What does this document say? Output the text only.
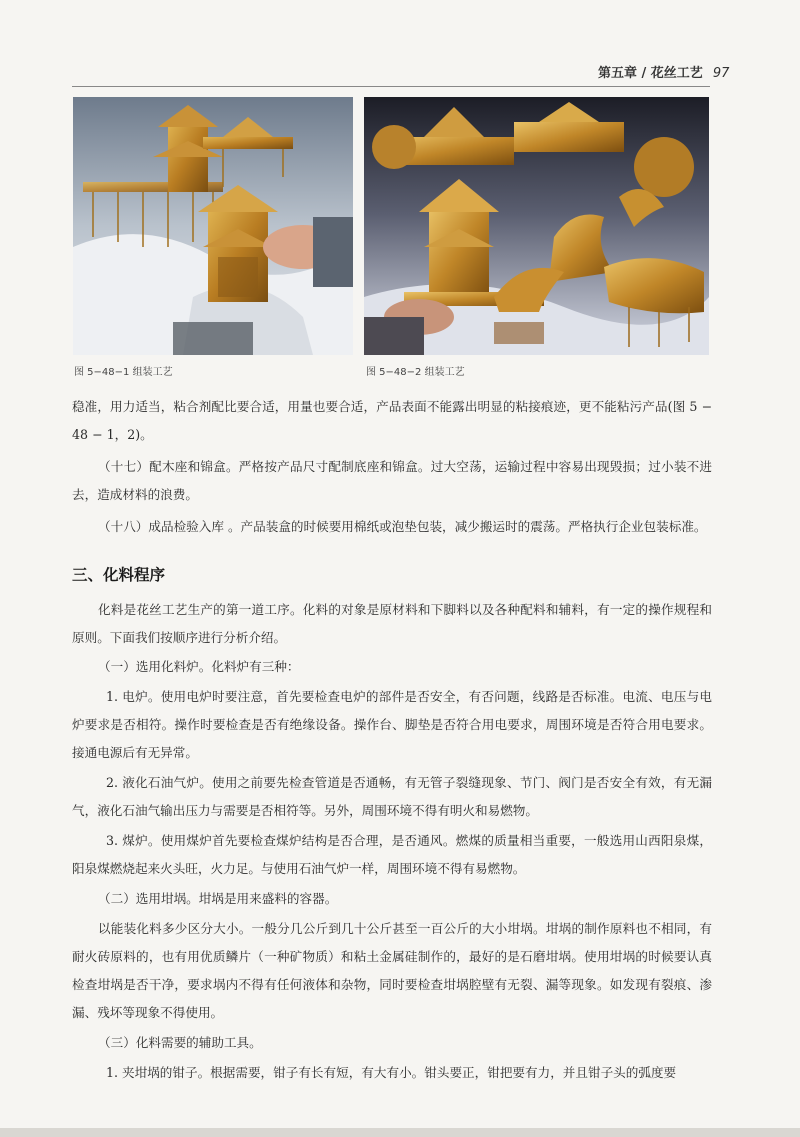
第五章 / 花丝工艺 97
图 5−48−1 组装工艺	图 5−48−2 组装工艺

稳准，用力适当，粘合剂配比要合适，用量也要合适，产品表面不能露出明显的粘接痕迹，更不能粘污产品(图 5 − 48 − 1，2)。

（十七）配木座和锦盒。严格按产品尺寸配制底座和锦盒。过大空荡，运输过程中容易出现毁损；过小装不进去，造成材料的浪费。

（十八）成品检验入库 。产品装盒的时候要用棉纸或泡垫包装，减少搬运时的震荡。严格执行企业包装标准。

三、化料程序

化料是花丝工艺生产的第一道工序。化料的对象是原材料和下脚料以及各种配料和辅料，有一定的操作规程和原则。下面我们按顺序进行分析介绍。

（一）选用化料炉。化料炉有三种：

1. 电炉。使用电炉时要注意，首先要检查电炉的部件是否安全，有否问题，线路是否标准。电流、电压与电炉要求是否相符。操作时要检查是否有绝缘设备。操作台、脚垫是否符合用电要求，周围环境是否符合用电要求。接通电源后有无异常。

2. 液化石油气炉。使用之前要先检查管道是否通畅，有无管子裂缝现象、节门、阀门是否安全有效，有无漏气，液化石油气输出压力与需要是否相符等。另外，周围环境不得有明火和易燃物。

3. 煤炉。使用煤炉首先要检查煤炉结构是否合理，是否通风。燃煤的质量相当重要，一般选用山西阳泉煤，阳泉煤燃烧起来火头旺，火力足。与使用石油气炉一样，周围环境不得有易燃物。

（二）选用坩埚。坩埚是用来盛料的容器。

以能装化料多少区分大小。一般分几公斤到几十公斤甚至一百公斤的大小坩埚。坩埚的制作原料也不相同，有耐火砖原料的，也有用优质鳞片（一种矿物质）和粘土金属硅制作的，最好的是石磨坩埚。使用坩埚的时候要认真检查坩埚是否干净，要求埚内不得有任何液体和杂物，同时要检查坩埚腔壁有无裂、漏等现象。如发现有裂痕、渗漏、残坏等现象不得使用。

（三）化料需要的辅助工具。

1. 夹坩埚的钳子。根据需要，钳子有长有短，有大有小。钳头要正，钳把要有力，并且钳子头的弧度要
